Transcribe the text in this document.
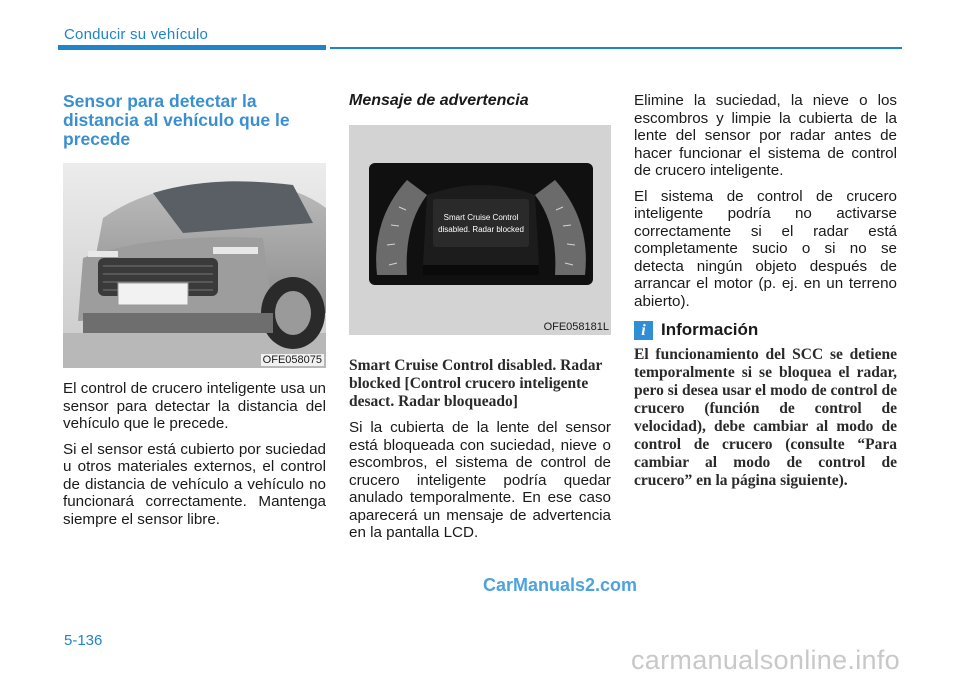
Conducir su vehículo
Sensor para detectar la distancia al vehículo que le precede
OFE058075

El control de crucero inteligente usa un sensor para detectar la distancia del vehículo que le precede.

Si el sensor está cubierto por suciedad u otros materiales externos, el control de distancia de vehículo a vehículo no funcionará correctamente. Mantenga siempre el sensor libre.

Mensaje de advertencia
Smart Cruise Control
disabled. Radar blocked
OFE058181L

Smart Cruise Control disabled. Radar blocked [Control crucero inteligente desact. Radar bloqueado]

Si la cubierta de la lente del sensor está bloqueada con suciedad, nieve o escombros, el sistema de control de crucero inteligente podría quedar anulado temporalmente. En ese caso aparecerá un mensaje de advertencia en la pantalla LCD.

Elimine la suciedad, la nieve o los escombros y limpie la cubierta de la lente del sensor por radar antes de hacer funcionar el sistema de control de crucero inteligente.

El sistema de control de crucero inteligente podría no activarse correctamente si el radar está completamente sucio o si no se detecta ningún objeto después de arrancar el motor (p. ej. en un terreno abierto).

i Información

El funcionamiento del SCC se detiene temporalmente si se bloquea el radar, pero si desea usar el modo de control de crucero (función de control de velocidad), debe cambiar al modo de control de crucero (consulte “Para cambiar al modo de control de crucero” en la página siguiente).

CarManuals2.com
5-136
carmanualsonline.info
